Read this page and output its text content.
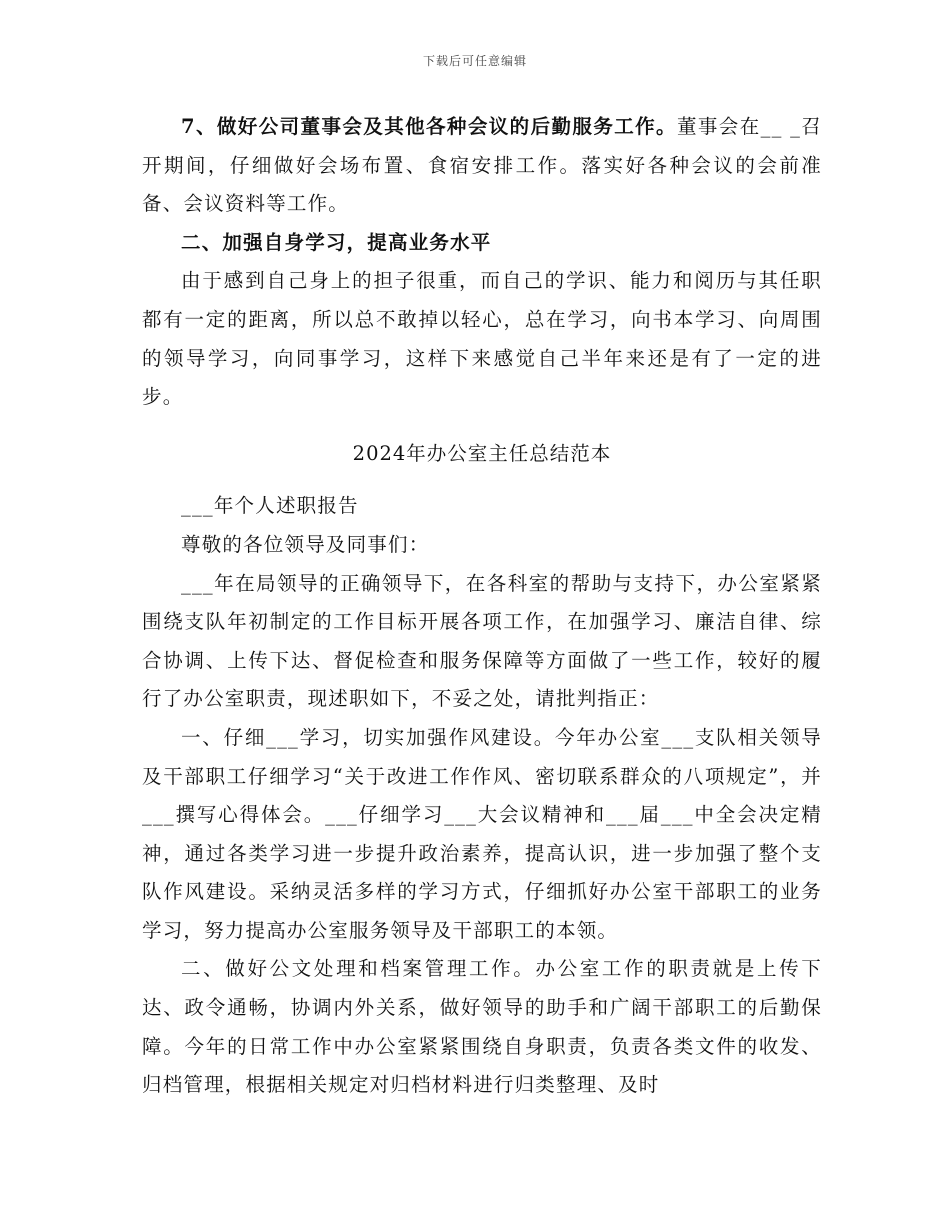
下载后可任意编辑

7、做好公司董事会及其他各种会议的后勤服务工作。董事会在__ _召开期间，仔细做好会场布置、食宿安排工作。落实好各种会议的会前准备、会议资料等工作。

二、加强自身学习，提高业务水平

由于感到自己身上的担子很重，而自己的学识、能力和阅历与其任职都有一定的距离，所以总不敢掉以轻心，总在学习，向书本学习、向周围的领导学习，向同事学习，这样下来感觉自己半年来还是有了一定的进步。

2024年办公室主任总结范本

___年个人述职报告

尊敬的各位领导及同事们：

___年在局领导的正确领导下，在各科室的帮助与支持下，办公室紧紧围绕支队年初制定的工作目标开展各项工作，在加强学习、廉洁自律、综合协调、上传下达、督促检查和服务保障等方面做了一些工作，较好的履行了办公室职责，现述职如下，不妥之处，请批判指正：

一、仔细___学习，切实加强作风建设。今年办公室___支队相关领导及干部职工仔细学习“关于改进工作作风、密切联系群众的八项规定”，并___撰写心得体会。___仔细学习___大会议精神和___届___中全会决定精神，通过各类学习进一步提升政治素养，提高认识，进一步加强了整个支队作风建设。采纳灵活多样的学习方式，仔细抓好办公室干部职工的业务学习，努力提高办公室服务领导及干部职工的本领。

二、做好公文处理和档案管理工作。办公室工作的职责就是上传下达、政令通畅，协调内外关系，做好领导的助手和广阔干部职工的后勤保障。今年的日常工作中办公室紧紧围绕自身职责，负责各类文件的收发、归档管理，根据相关规定对归档材料进行归类整理、及时
